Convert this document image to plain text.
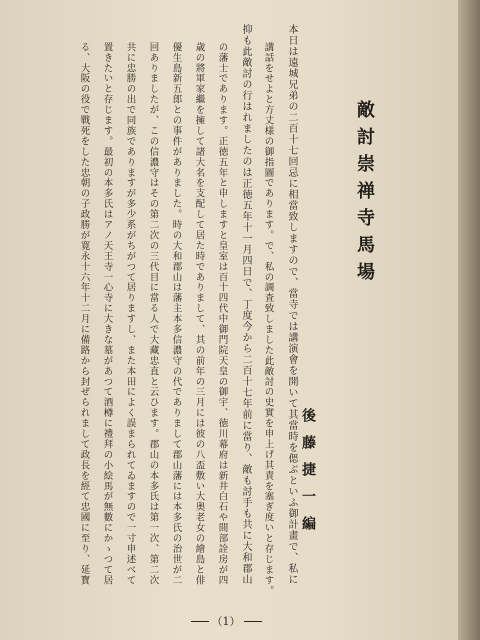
敵討崇禅寺馬場
後藤捷一編
本日は遠城兄弟の二百十七回忌に相當致しますので、當寺では講演會を開いて其當時を偲ぶといふ御計畫で、私に
講話をせよと方丈様の御指圖であります。で、私の調査致しました此敵討の史實を申上げ其責を塞ぎ度いと存じます。
抑も此敵討の行はれましたのは正徳五年十一月四日で、丁度今から二百十七年前に當り、敵も討手も共に大和郡山
の藩士であります。正徳五年と申しますと皇室は百十四代中御門院天皇の御宇、徳川幕府は新井白石や間部詮房が四
歳の將軍家繼を擁して諸大名を支配して居た時でありまして、其の前年の三月には彼の八盃敷い大奥老女の繪島と俳
優生島新五郎との事件がありました。時の大和郡山は藩主本多信濃守の代でありまして郡山藩には本多氏の治世が二
回ありましたが、この信濃守はその第二次の三代目に當る人で大藏忠直と云ひます。郡山の本多氏は第一次、第二次
共に忠勝の出で同族でありますが多少系がちがつて居りますし、また本田によく誤まられてゐますので一寸申述べて
置きたいと存じます。最初の本多氏はアノ天王寺一心寺に大きな墓があつて酒樽に禮拜の小絵馬が無數にかゝつて居
る、大阪の役で戰死をした忠朝の子政勝が寛永十六年十二月に備路から封ぜられまして政長を經て忠國に至り、延寳
（1）
